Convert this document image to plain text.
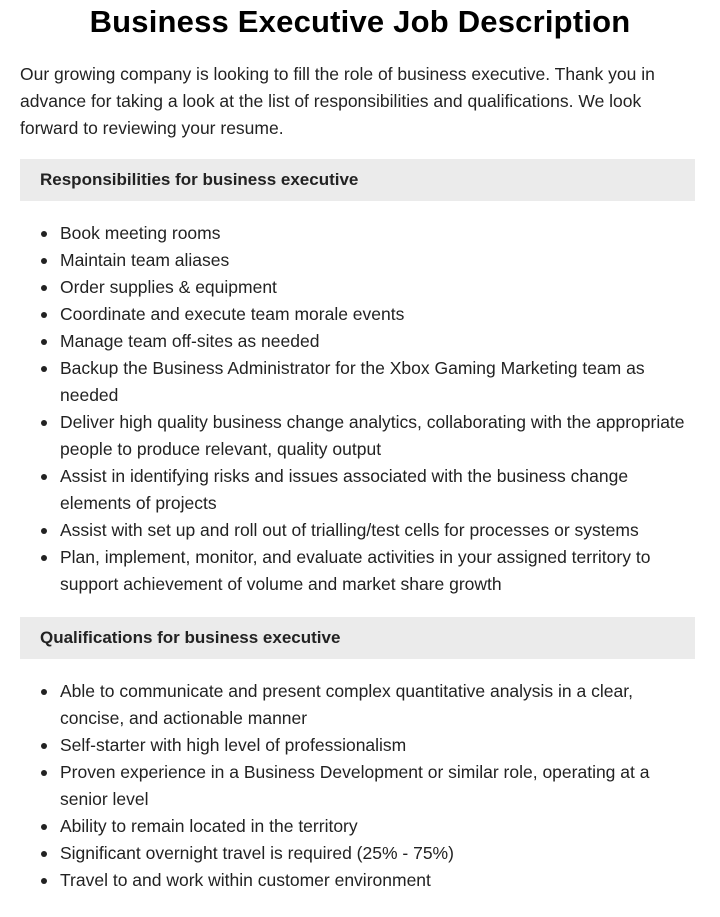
Business Executive Job Description

Our growing company is looking to fill the role of business executive. Thank you in advance for taking a look at the list of responsibilities and qualifications. We look forward to reviewing your resume.

Responsibilities for business executive
Book meeting rooms
Maintain team aliases
Order supplies & equipment
Coordinate and execute team morale events
Manage team off-sites as needed
Backup the Business Administrator for the Xbox Gaming Marketing team as needed
Deliver high quality business change analytics, collaborating with the appropriate people to produce relevant, quality output
Assist in identifying risks and issues associated with the business change elements of projects
Assist with set up and roll out of trialling/test cells for processes or systems
Plan, implement, monitor, and evaluate activities in your assigned territory to support achievement of volume and market share growth
Qualifications for business executive
Able to communicate and present complex quantitative analysis in a clear, concise, and actionable manner
Self-starter with high level of professionalism
Proven experience in a Business Development or similar role, operating at a senior level
Ability to remain located in the territory
Significant overnight travel is required (25% - 75%)
Travel to and work within customer environment
